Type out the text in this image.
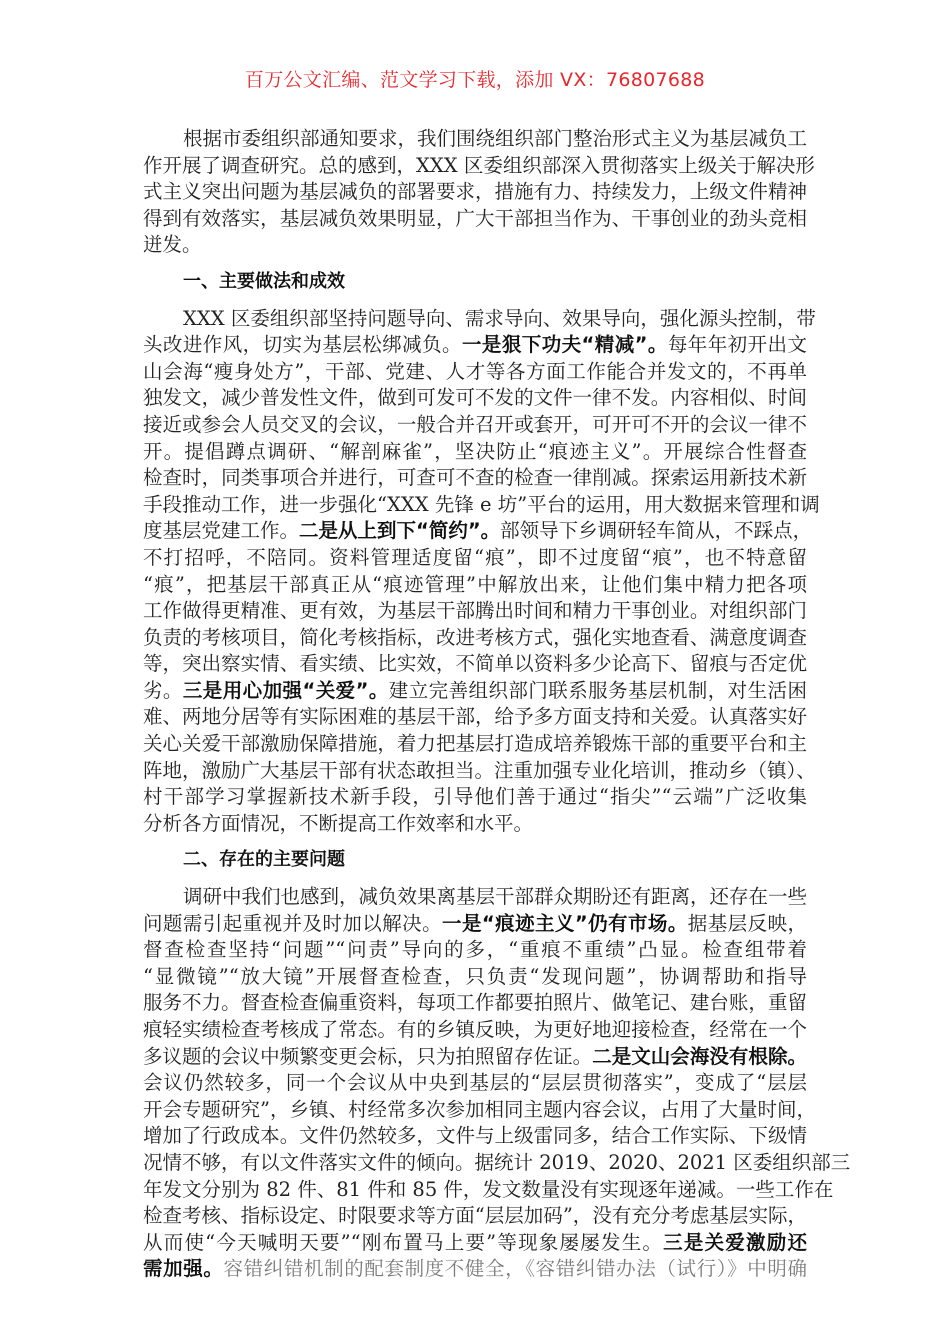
百万公文汇编、范文学习下载，添加 VX：76807688
根据市委组织部通知要求，我们围绕组织部门整治形式主义为基层减负工
作开展了调查研究。总的感到，XXX 区委组织部深入贯彻落实上级关于解决形
式主义突出问题为基层减负的部署要求，措施有力、持续发力，上级文件精神
得到有效落实，基层减负效果明显，广大干部担当作为、干事创业的劲头竞相
迸发。
一、主要做法和成效
XXX 区委组织部坚持问题导向、需求导向、效果导向，强化源头控制，带
头改进作风，切实为基层松绑减负。一是狠下功夫“精减”。每年年初开出文
山会海“瘦身处方”，干部、党建、人才等各方面工作能合并发文的，不再单
独发文，减少普发性文件，做到可发可不发的文件一律不发。内容相似、时间
接近或参会人员交叉的会议，一般合并召开或套开，可开可不开的会议一律不
开。提倡蹲点调研、“解剖麻雀”，坚决防止“痕迹主义”。开展综合性督查
检查时，同类事项合并进行，可查可不查的检查一律削减。探索运用新技术新
手段推动工作，进一步强化“XXX 先锋 e 坊”平台的运用，用大数据来管理和调
度基层党建工作。二是从上到下“简约”。部领导下乡调研轻车简从，不踩点，
不打招呼，不陪同。资料管理适度留“痕”，即不过度留“痕”，也不特意留
“痕”，把基层干部真正从“痕迹管理”中解放出来，让他们集中精力把各项
工作做得更精准、更有效，为基层干部腾出时间和精力干事创业。对组织部门
负责的考核项目，简化考核指标，改进考核方式，强化实地查看、满意度调查
等，突出察实情、看实绩、比实效，不简单以资料多少论高下、留痕与否定优
劣。三是用心加强“关爱”。建立完善组织部门联系服务基层机制，对生活困
难、两地分居等有实际困难的基层干部，给予多方面支持和关爱。认真落实好
关心关爱干部激励保障措施，着力把基层打造成培养锻炼干部的重要平台和主
阵地，激励广大基层干部有状态敢担当。注重加强专业化培训，推动乡（镇）、
村干部学习掌握新技术新手段，引导他们善于通过“指尖”“云端”广泛收集
分析各方面情况，不断提高工作效率和水平。
二、存在的主要问题
调研中我们也感到，减负效果离基层干部群众期盼还有距离，还存在一些
问题需引起重视并及时加以解决。一是“痕迹主义”仍有市场。据基层反映，
督查检查坚持“问题”“问责”导向的多，“重痕不重绩”凸显。检查组带着
“显微镜”“放大镜”开展督查检查，只负责“发现问题”，协调帮助和指导
服务不力。督查检查偏重资料，每项工作都要拍照片、做笔记、建台账，重留
痕轻实绩检查考核成了常态。有的乡镇反映，为更好地迎接检查，经常在一个
多议题的会议中频繁变更会标，只为拍照留存佐证。二是文山会海没有根除。
会议仍然较多，同一个会议从中央到基层的“层层贯彻落实”，变成了“层层
开会专题研究”，乡镇、村经常多次参加相同主题内容会议，占用了大量时间，
增加了行政成本。文件仍然较多，文件与上级雷同多，结合工作实际、下级情
况情不够，有以文件落实文件的倾向。据统计 2019、2020、2021 区委组织部三
年发文分别为 82 件、81 件和 85 件，发文数量没有实现逐年递减。一些工作在
检查考核、指标设定、时限要求等方面“层层加码”，没有充分考虑基层实际，
从而使“今天喊明天要”“刚布置马上要”等现象屡屡发生。三是关爱激励还
需加强。容错纠错机制的配套制度不健全，《容错纠错办法（试行）》中明确
